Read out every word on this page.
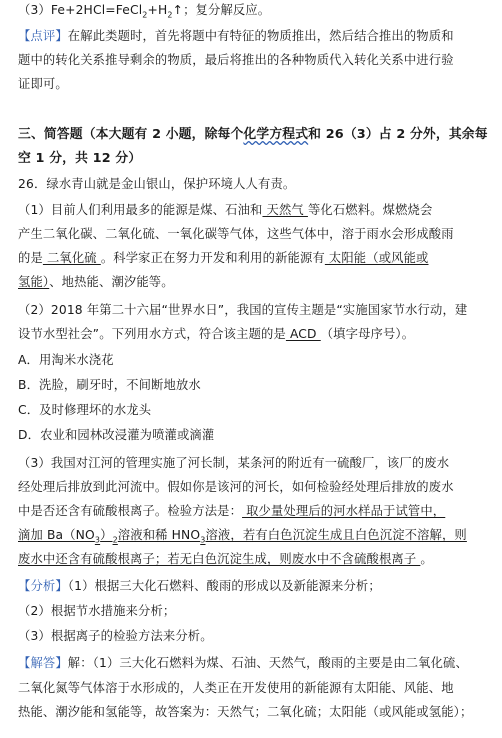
$(3)Fe+2HCl=FeCl_2+H_2↑$；复分解反应。
【点评】在解此类题时，首先将题中有特征的物质推出，然后结合推出的物质和
题中的转化关系推导剩余的物质，最后将推出的各种物质代入转化关系中进行验
证即可。
三、简答题（本大题有 2 小题，除每个化学方程式和 26（3）占 2 分外，其余每
空 1 分，共 12 分）
26．绿水青山就是金山银山，保护环境人人有责。
（1）目前人们利用最多的能源是煤、石油和 天然气 等化石燃料。煤燃烧会
产生二氧化碳、二氧化硫、一氧化碳等气体，这些气体中，溶于雨水会形成酸雨
的是 二氧化硫 。科学家正在努力开发和利用的新能源有 太阳能（或风能或
氢能）、地热能、潮汐能等。
（2）2018 年第二十六届“世界水日”，我国的宣传主题是“实施国家节水行动，建
设节水型社会”。下列用水方式，符合该主题的是 ACD （填字母序号）。
A．用淘米水浇花
B．洗脸，刷牙时，不间断地放水
C．及时修理坏的水龙头
D．农业和园林改浸灌为喷灌或滴灌
（3）我国对江河的管理实施了河长制，某条河的附近有一硫酸厂，该厂的废水
经处理后排放到此河流中。假如你是该河的河长，如何检验经处理后排放的废水
中是否还含有硫酸根离子。检验方法是： 取少量处理后的河水样品于试管中，
滴加 $Ba(NO_3)_2$溶液和稀 $HNO_3$溶液，若有白色沉淀生成且白色沉淀不溶解，则
废水中还含有硫酸根离子；若无白色沉淀生成，则废水中不含硫酸根离子 。
【分析】（1）根据三大化石燃料、酸雨的形成以及新能源来分析；
（2）根据节水措施来分析；
（3）根据离子的检验方法来分析。
【解答】解：（1）三大化石燃料为煤、石油、天然气，酸雨的主要是由二氧化硫、
二氧化氮等气体溶于水形成的，人类正在开发使用的新能源有太阳能、风能、地
热能、潮汐能和氢能等，故答案为：天然气；二氧化硫；太阳能（或风能或氢能）；
